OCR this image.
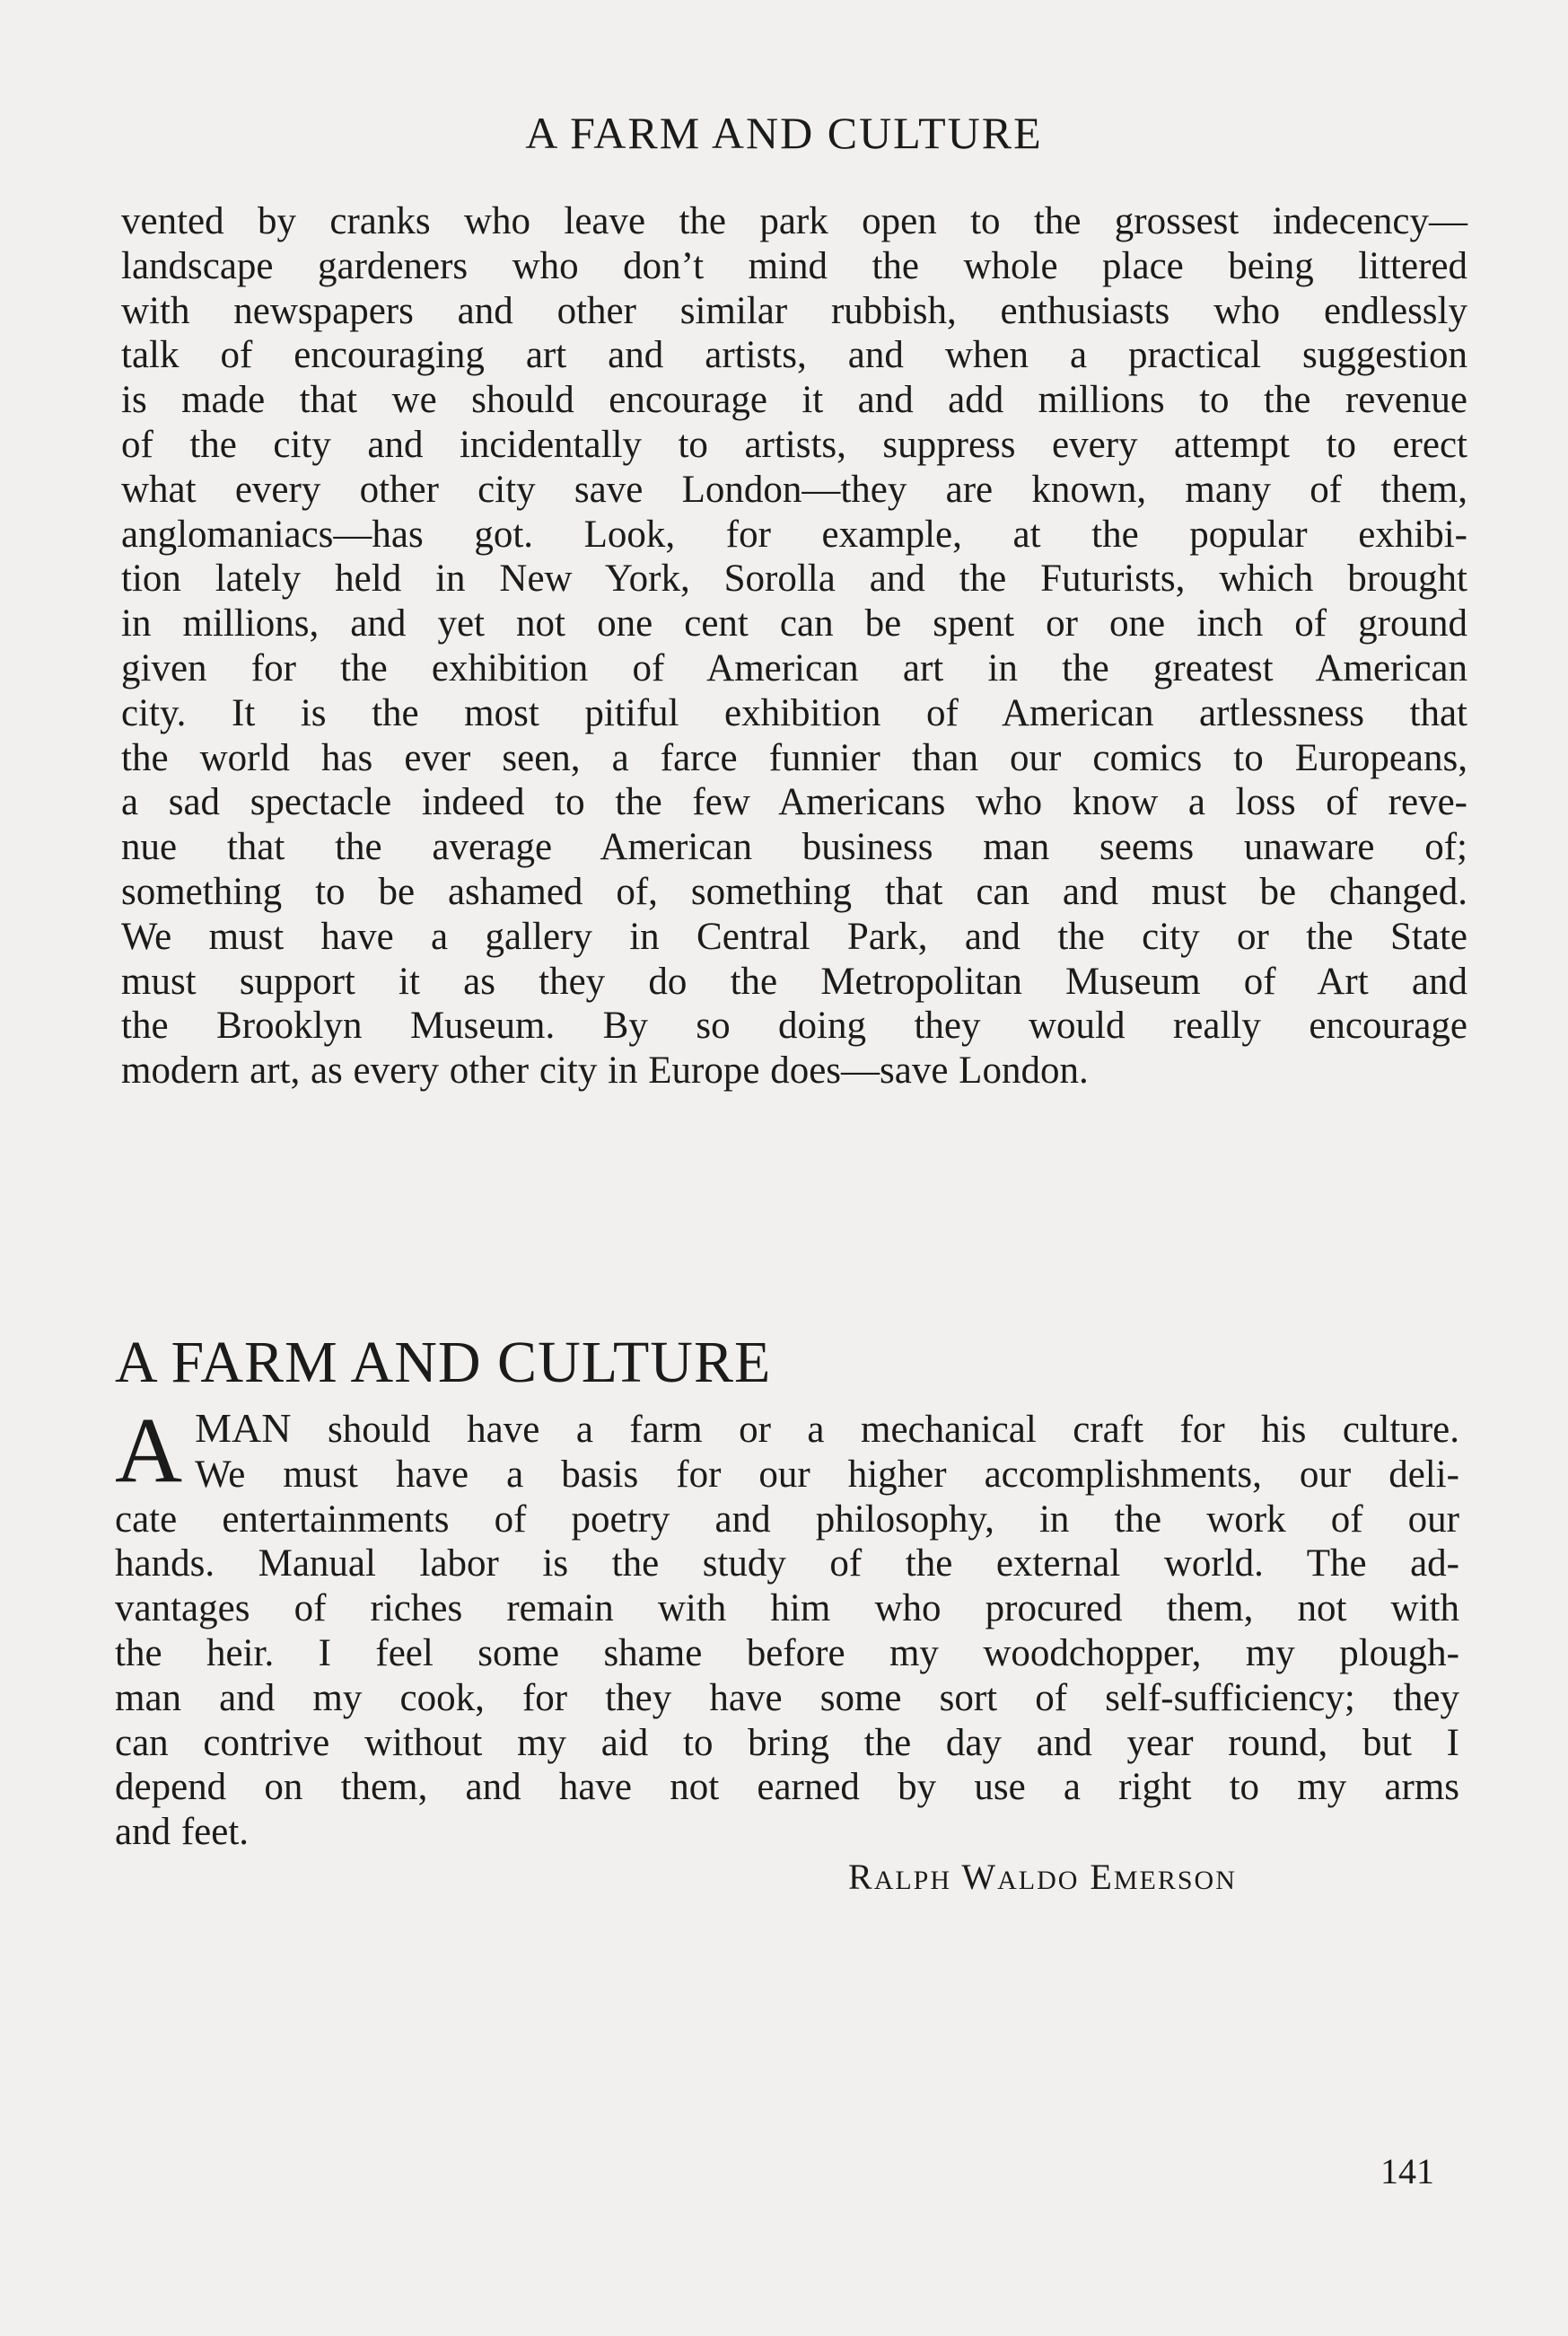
A FARM AND CULTURE
vented by cranks who leave the park open to the grossest indecency—
landscape gardeners who don’t mind the whole place being littered
with newspapers and other similar rubbish, enthusiasts who endlessly
talk of encouraging art and artists, and when a practical suggestion
is made that we should encourage it and add millions to the revenue
of the city and incidentally to artists, suppress every attempt to erect
what every other city save London—they are known, many of them,
anglomaniacs—has got. Look, for example, at the popular exhibi-
tion lately held in New York, Sorolla and the Futurists, which brought
in millions, and yet not one cent can be spent or one inch of ground
given for the exhibition of American art in the greatest American
city. It is the most pitiful exhibition of American artlessness that
the world has ever seen, a farce funnier than our comics to Europeans,
a sad spectacle indeed to the few Americans who know a loss of reve-
nue that the average American business man seems unaware of;
something to be ashamed of, something that can and must be changed.
We must have a gallery in Central Park, and the city or the State
must support it as they do the Metropolitan Museum of Art and
the Brooklyn Museum. By so doing they would really encourage
modern art, as every other city in Europe does—save London.
A FARM AND CULTURE
A MAN should have a farm or a mechanical craft for his culture.
We must have a basis for our higher accomplishments, our deli-
cate entertainments of poetry and philosophy, in the work of our
hands. Manual labor is the study of the external world. The ad-
vantages of riches remain with him who procured them, not with
the heir. I feel some shame before my woodchopper, my plough-
man and my cook, for they have some sort of self-sufficiency; they
can contrive without my aid to bring the day and year round, but I
depend on them, and have not earned by use a right to my arms
and feet.
RALPH WALDO EMERSON
141
